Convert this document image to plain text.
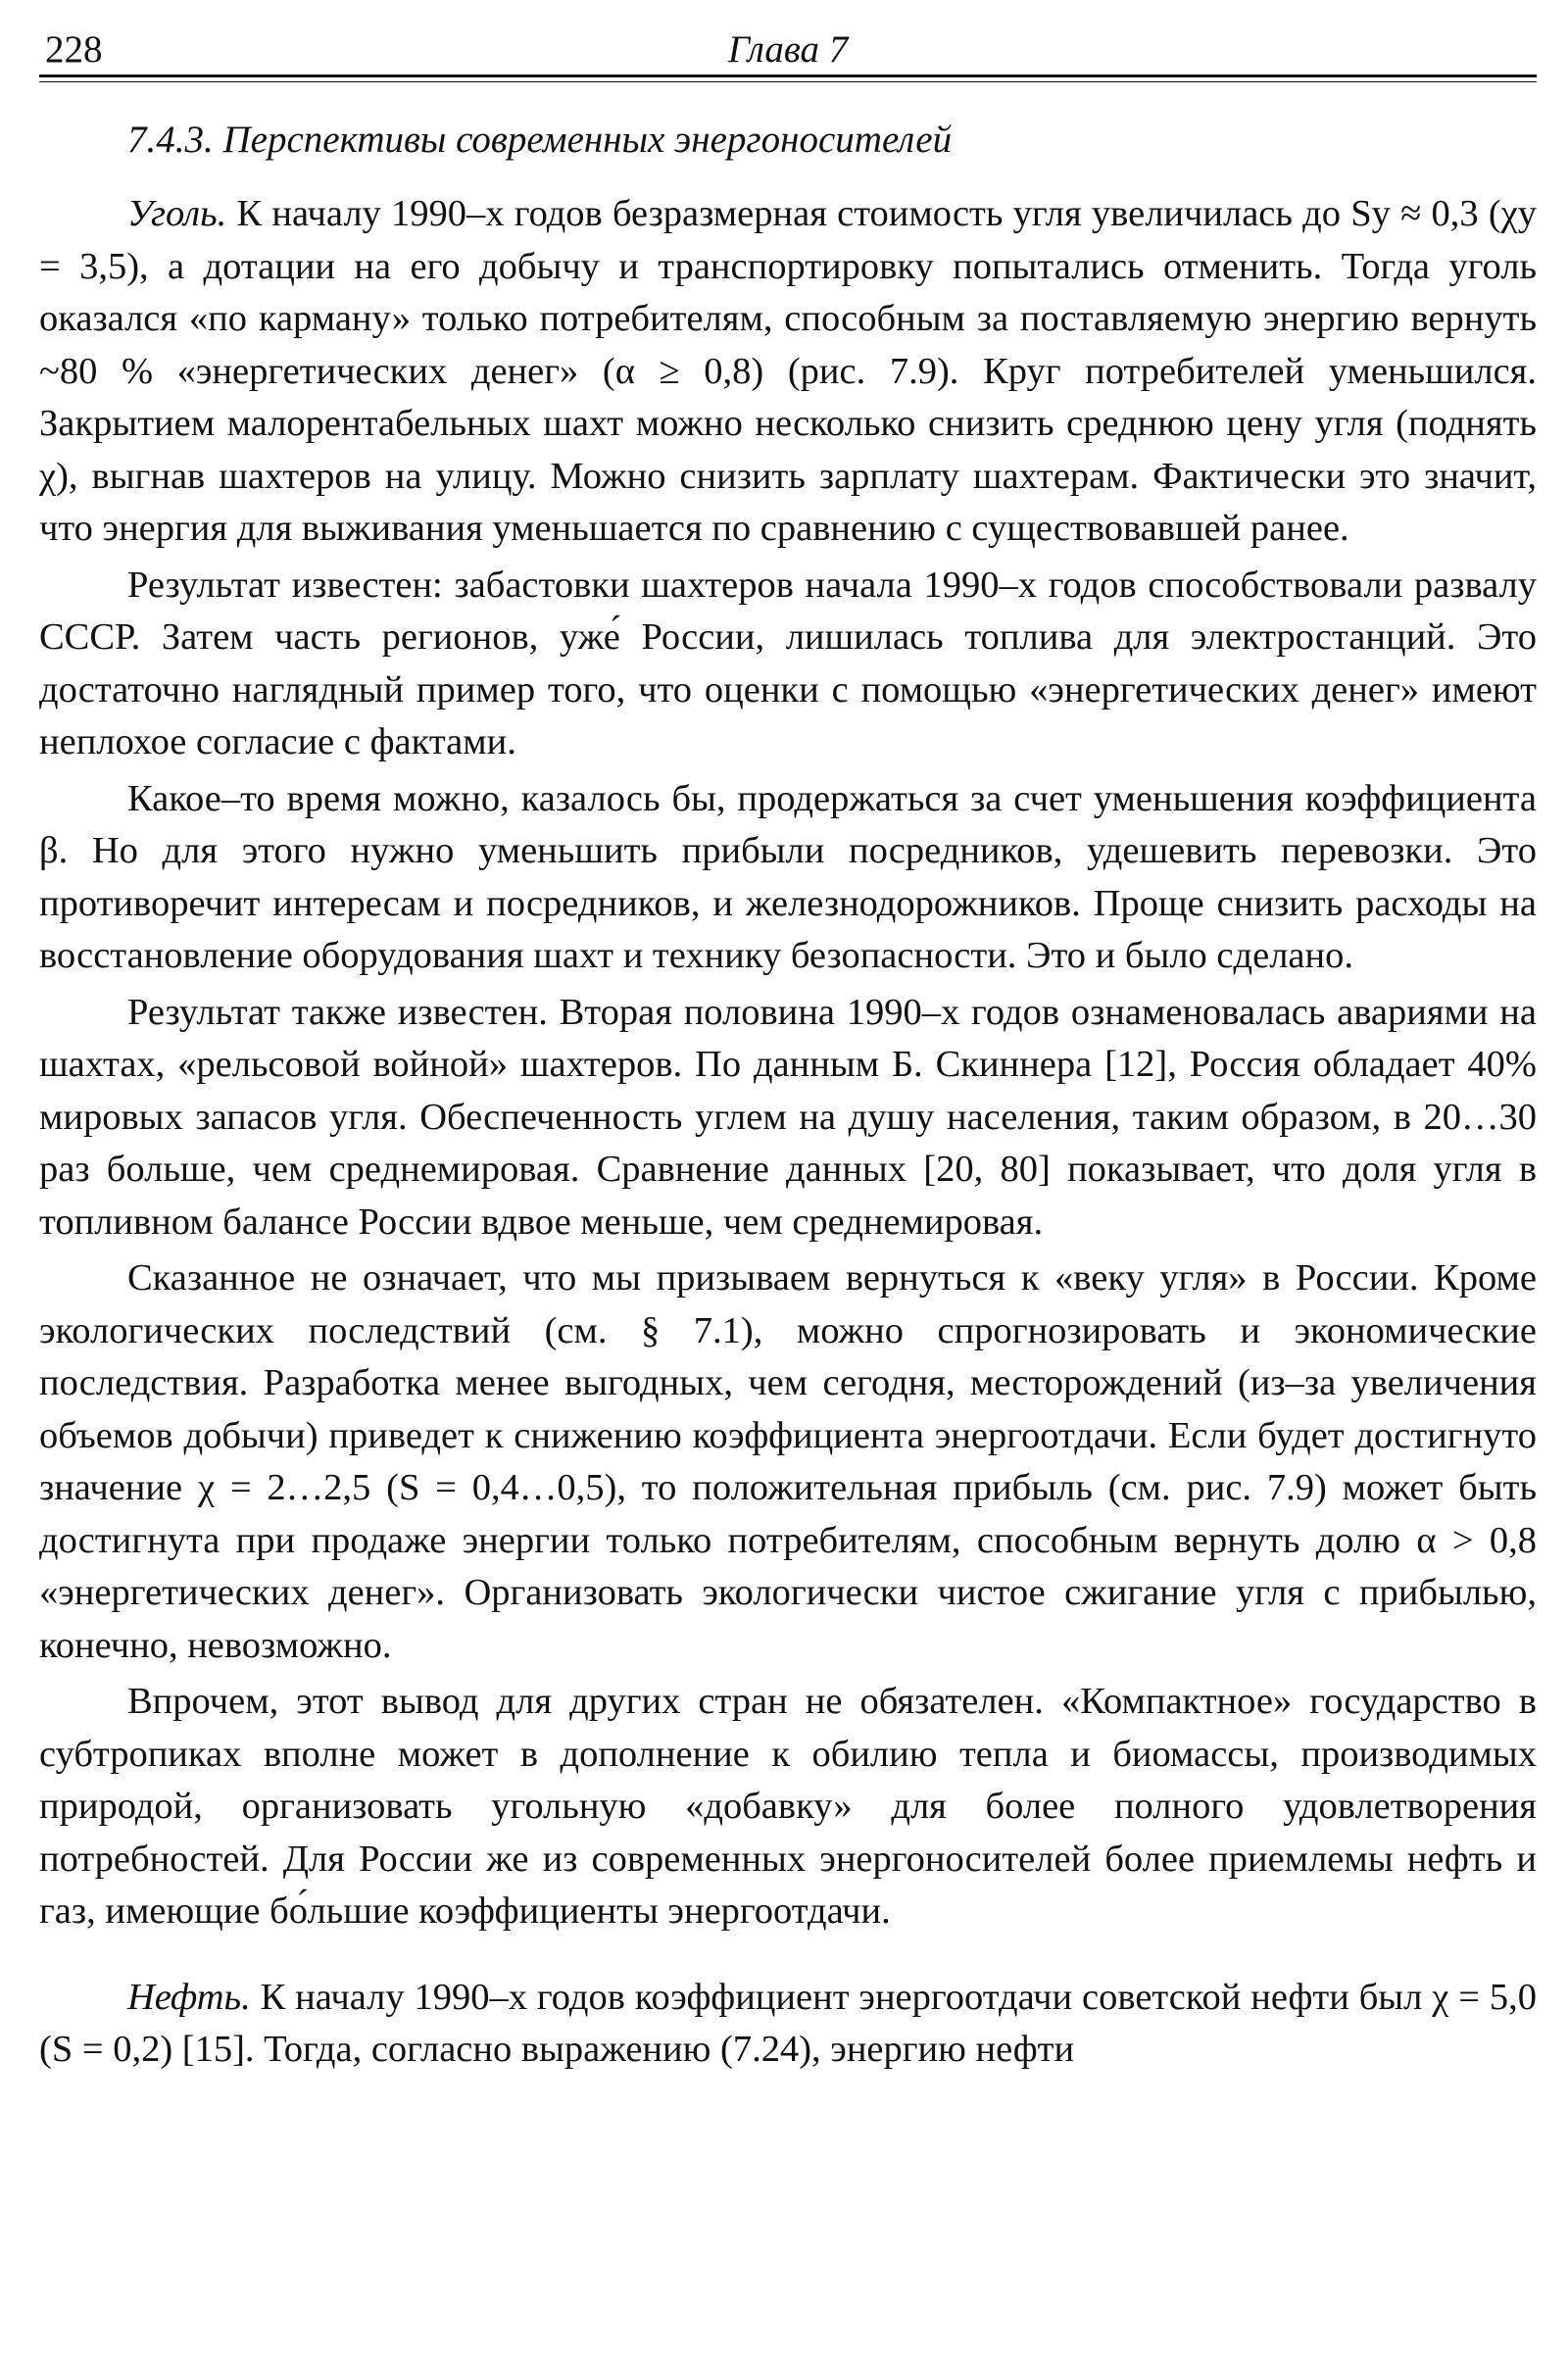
228	Глава 7
7.4.3. Перспективы современных энергоносителей

Уголь. К началу 1990–х годов безразмерная стоимость угля увеличилась до Sу ≈ 0,3 (χу = 3,5), а дотации на его добычу и транспортировку попытались отменить. Тогда уголь оказался «по карману» только потребителям, способным за поставляемую энергию вернуть ~80 % «энергетических денег» (α ≥ 0,8) (рис. 7.9). Круг потребителей уменьшился. Закрытием малорентабельных шахт можно несколько снизить среднюю цену угля (поднять χ), выгнав шахтеров на улицу. Можно снизить зарплату шахтерам. Фактически это значит, что энергия для выживания уменьшается по сравнению с существовавшей ранее.

Результат известен: забастовки шахтеров начала 1990–х годов способствовали развалу СССР. Затем часть регионов, уже́ России, лишилась топлива для электростанций. Это достаточно наглядный пример того, что оценки с помощью «энергетических денег» имеют неплохое согласие с фактами.

Какое–то время можно, казалось бы, продержаться за счет уменьшения коэффициента β. Но для этого нужно уменьшить прибыли посредников, удешевить перевозки. Это противоречит интересам и посредников, и железнодорожников. Проще снизить расходы на восстановление оборудования шахт и технику безопасности. Это и было сделано.

Результат также известен. Вторая половина 1990–х годов ознаменовалась авариями на шахтах, «рельсовой войной» шахтеров. По данным Б. Скиннера [12], Россия обладает 40% мировых запасов угля. Обеспеченность углем на душу населения, таким образом, в 20…30 раз больше, чем среднемировая. Сравнение данных [20, 80] показывает, что доля угля в топливном балансе России вдвое меньше, чем среднемировая.

Сказанное не означает, что мы призываем вернуться к «веку угля» в России. Кроме экологических последствий (см. § 7.1), можно спрогнозировать и экономические последствия. Разработка менее выгодных, чем сегодня, месторождений (из–за увеличения объемов добычи) приведет к снижению коэффициента энергоотдачи. Если будет достигнуто значение χ = 2…2,5 (S = 0,4…0,5), то положительная прибыль (см. рис. 7.9) может быть достигнута при продаже энергии только потребителям, способным вернуть долю α > 0,8 «энергетических денег». Организовать экологически чистое сжигание угля с прибылью, конечно, невозможно.

Впрочем, этот вывод для других стран не обязателен. «Компактное» государство в субтропиках вполне может в дополнение к обилию тепла и биомассы, производимых природой, организовать угольную «добавку» для более полного удовлетворения потребностей. Для России же из современных энергоносителей более приемлемы нефть и газ, имеющие бо́льшие коэффициенты энергоотдачи.

Нефть. К началу 1990–х годов коэффициент энергоотдачи советской нефти был χ = 5,0 (S = 0,2) [15]. Тогда, согласно выражению (7.24), энергию нефти
